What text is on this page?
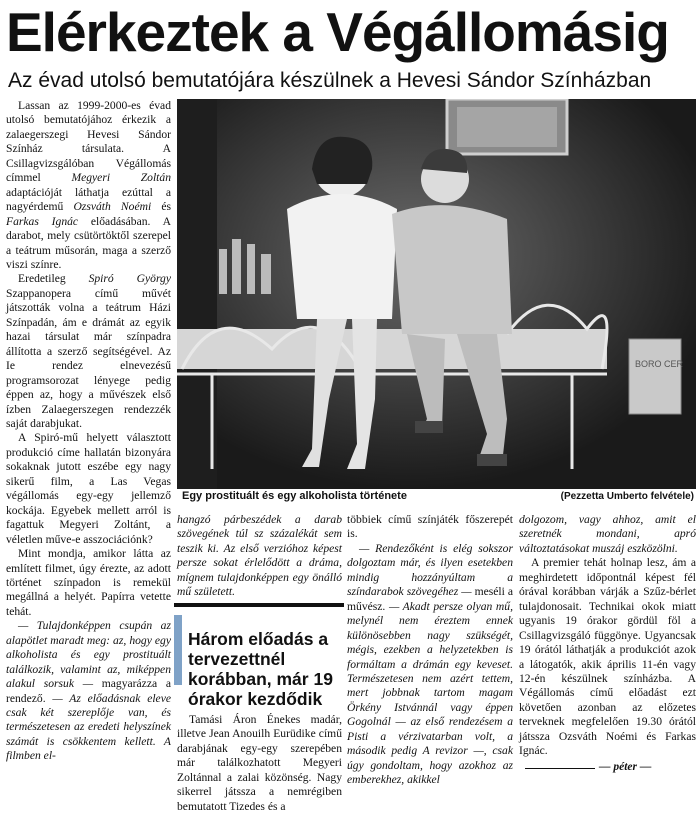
Elérkeztek a Végállomásig
Az évad utolsó bemutatójára készülnek a Hevesi Sándor Színházban

Lassan az 1999-2000-es évad utolsó bemutatójához érkezik a zalaegerszegi Hevesi Sándor Színház társulata. A Csillagvizsgálóban Végállomás címmel Megyeri Zoltán adaptációját láthatja ezúttal a nagyérdemű Ozsváth Noémi és Farkas Ignác előadásában. A darabot, mely csütörtöktől szerepel a teátrum műsorán, maga a szerző viszi színre.

Eredetileg Spiró György Szappanopera című művét játszották volna a teátrum Házi Színpadán, ám e drámát az egyik hazai társulat már színpadra állította a szerző segítségével. Az Ie rendez elnevezésű programsorozat lényege pedig éppen az, hogy a művészek első ízben Zalaegerszegen rendezzék saját darabjukat.

A Spiró-mű helyett választott produkció címe hallatán bizonyára sokaknak jutott eszébe egy nagy sikerű film, a Las Vegas végállomás egy-egy jellemző kockája. Egyebek mellett arról is fagattuk Megyeri Zoltánt, a véletlen műve-e asszociációnk?

Mint mondja, amikor látta az említett filmet, úgy érezte, az adott történet színpadon is remekül megállná a helyét. Papírra vetette tehát.

— Tulajdonképpen csupán az alapötlet maradt meg: az, hogy egy alkoholista és egy prostituált találkozik, valamint az, miképpen alakul sorsuk — magyarázza a rendező. — Az előadásnak eleve csak két szereplője van, és természetesen az eredeti helyszínek számát is csökkentem kellett. A filmben el-

BORO CER
Egy prostituált és egy alkoholista története	(Pezzetta Umberto felvétele)

hangzó párbeszédek a darab szövegének túl sz százalékát sem teszik ki. Az első verzióhoz képest persze sokat érlelődött a dráma, mígnem tulajdonképpen egy önálló mű született.

Három előadás a tervezettnél korábban, már 19 órakor kezdődik

Tamási Áron Énekes madár, illetve Jean Anouilh Eurüdike című darabjának egy-egy szerepében már találkozhatott Megyeri Zoltánnal a zalai közönség. Nagy sikerrel játssza a nemrégiben bemutatott Tizedes és a

többiek című színjáték főszerepét is.

— Rendezőként is elég sokszor dolgoztam már, és ilyen esetekben mindig hozzányúltam a színdarabok szövegéhez — meséli a művész. — Akadt persze olyan mű, melynél nem éreztem ennek különösebben nagy szükségét, mégis, ezekben a helyzetekben is formáltam a drámán egy keveset. Természetesen nem azért tettem, mert jobbnak tartom magam Örkény Istvánnál vagy éppen Gogolnál — az első rendezésem a Pisti a vérzivatarban volt, a második pedig A revizor —, csak úgy gondoltam, hogy azokhoz az emberekhez, akikkel

dolgozom, vagy ahhoz, amit el szeretnék mondani, apró változtatásokat muszáj eszközölni.

A premier tehát holnap lesz, ám a meghirdetett időpontnál képest fél órával korábban várják a Szűz-bérlet tulajdonosait. Technikai okok miatt ugyanis 19 órakor gördül föl a Csillagvizsgáló függönye. Ugyancsak 19 órától láthatják a produkciót azok a látogatók, akik április 11-én vagy 12-én készülnek színházba. A Végállomás című előadást ezt követően azonban az előzetes terveknek megfelelően 19.30 órától játssza Ozsváth Noémi és Farkas Ignác.

— péter —
